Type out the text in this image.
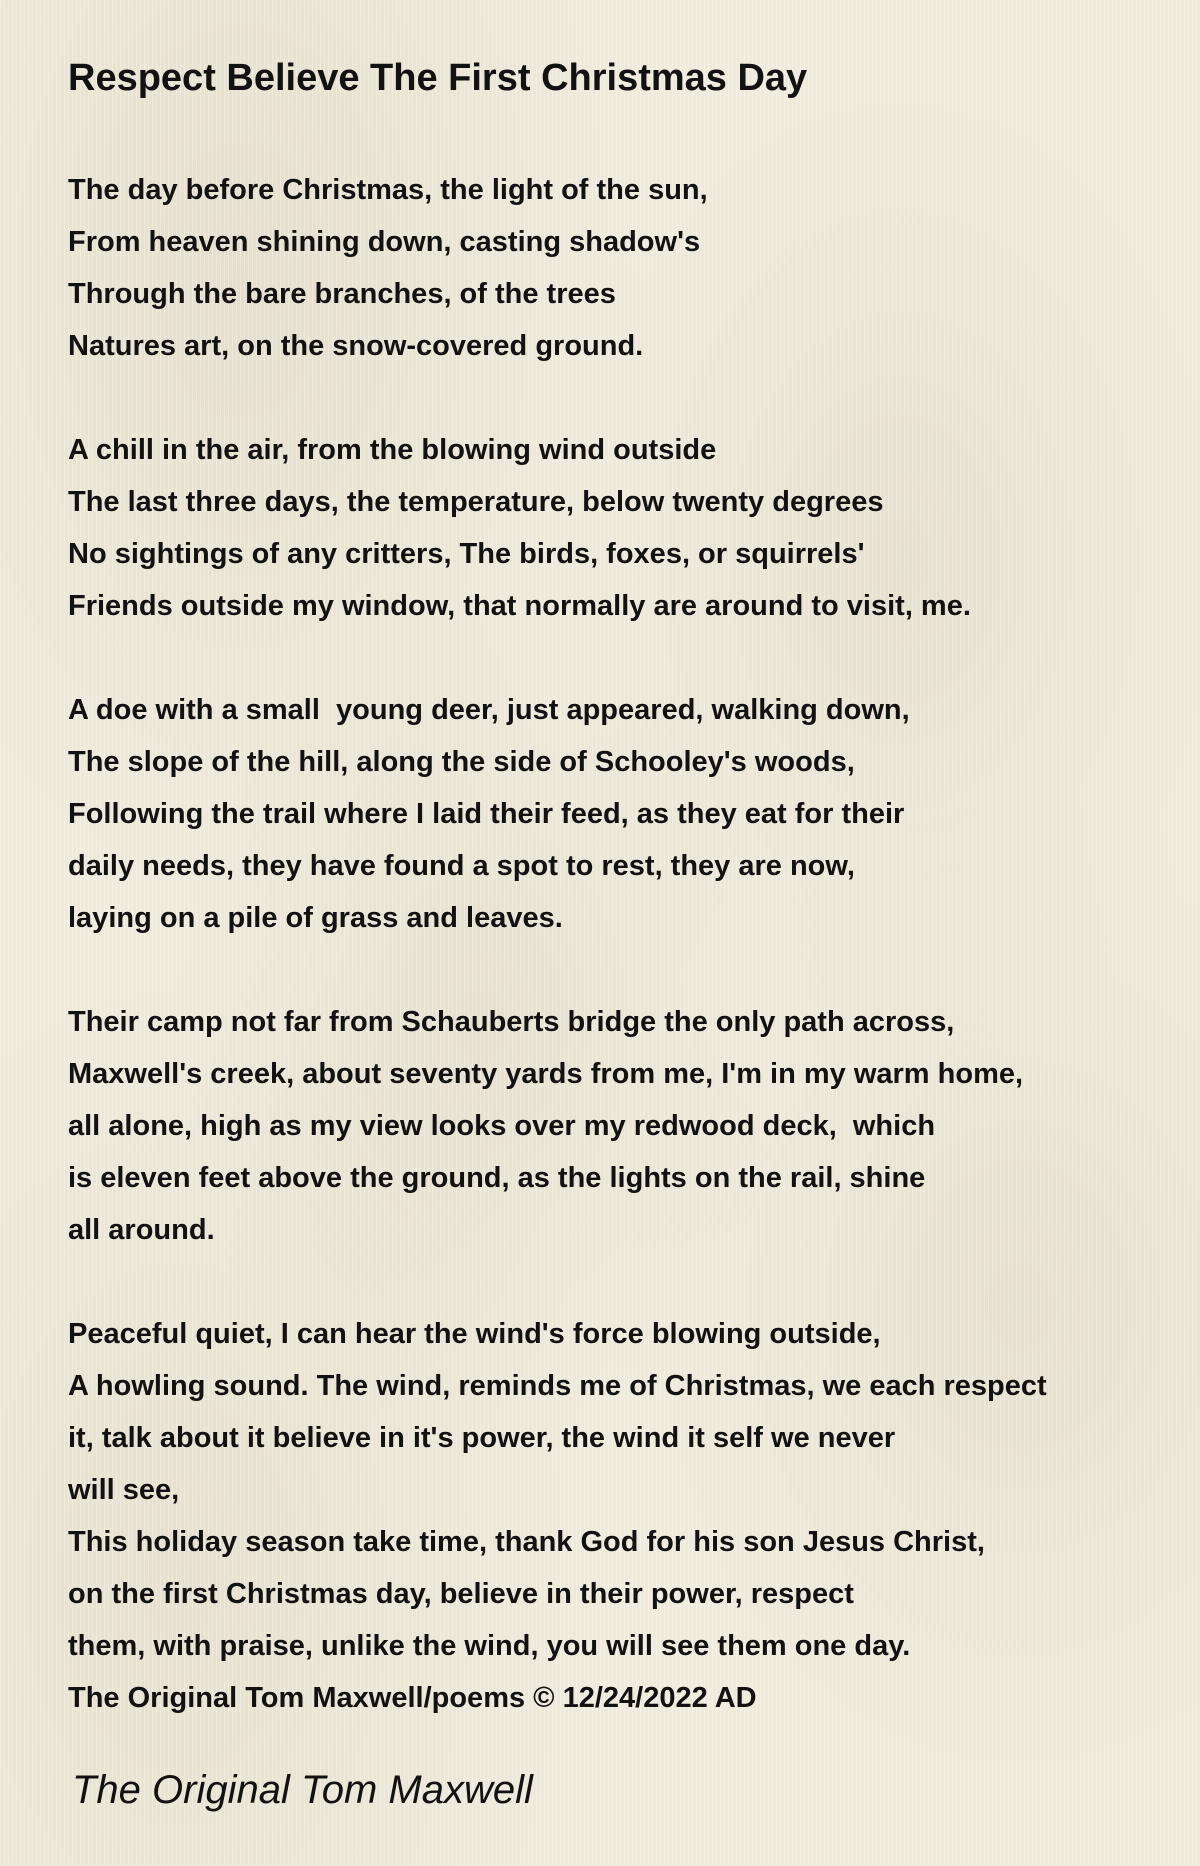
Respect Believe The First Christmas Day
The day before Christmas, the light of the sun,
From heaven shining down, casting shadow's
Through the bare branches, of the trees
Natures art, on the snow-covered ground.
A chill in the air, from the blowing wind outside
The last three days, the temperature, below twenty degrees
No sightings of any critters, The birds, foxes, or squirrels'
Friends outside my window, that normally are around to visit, me.
A doe with a small  young deer, just appeared, walking down,
The slope of the hill, along the side of Schooley's woods,
Following the trail where I laid their feed, as they eat for their
daily needs, they have found a spot to rest, they are now,
laying on a pile of grass and leaves.
Their camp not far from Schauberts bridge the only path across,
Maxwell's creek, about seventy yards from me, I'm in my warm home,
all alone, high as my view looks over my redwood deck,  which
is eleven feet above the ground, as the lights on the rail, shine
all around.
Peaceful quiet, I can hear the wind's force blowing outside,
A howling sound. The wind, reminds me of Christmas, we each respect
it, talk about it believe in it's power, the wind it self we never
will see,
This holiday season take time, thank God for his son Jesus Christ,
on the first Christmas day, believe in their power, respect
them, with praise, unlike the wind, you will see them one day.
The Original Tom Maxwell/poems © 12/24/2022 AD
The Original Tom Maxwell
